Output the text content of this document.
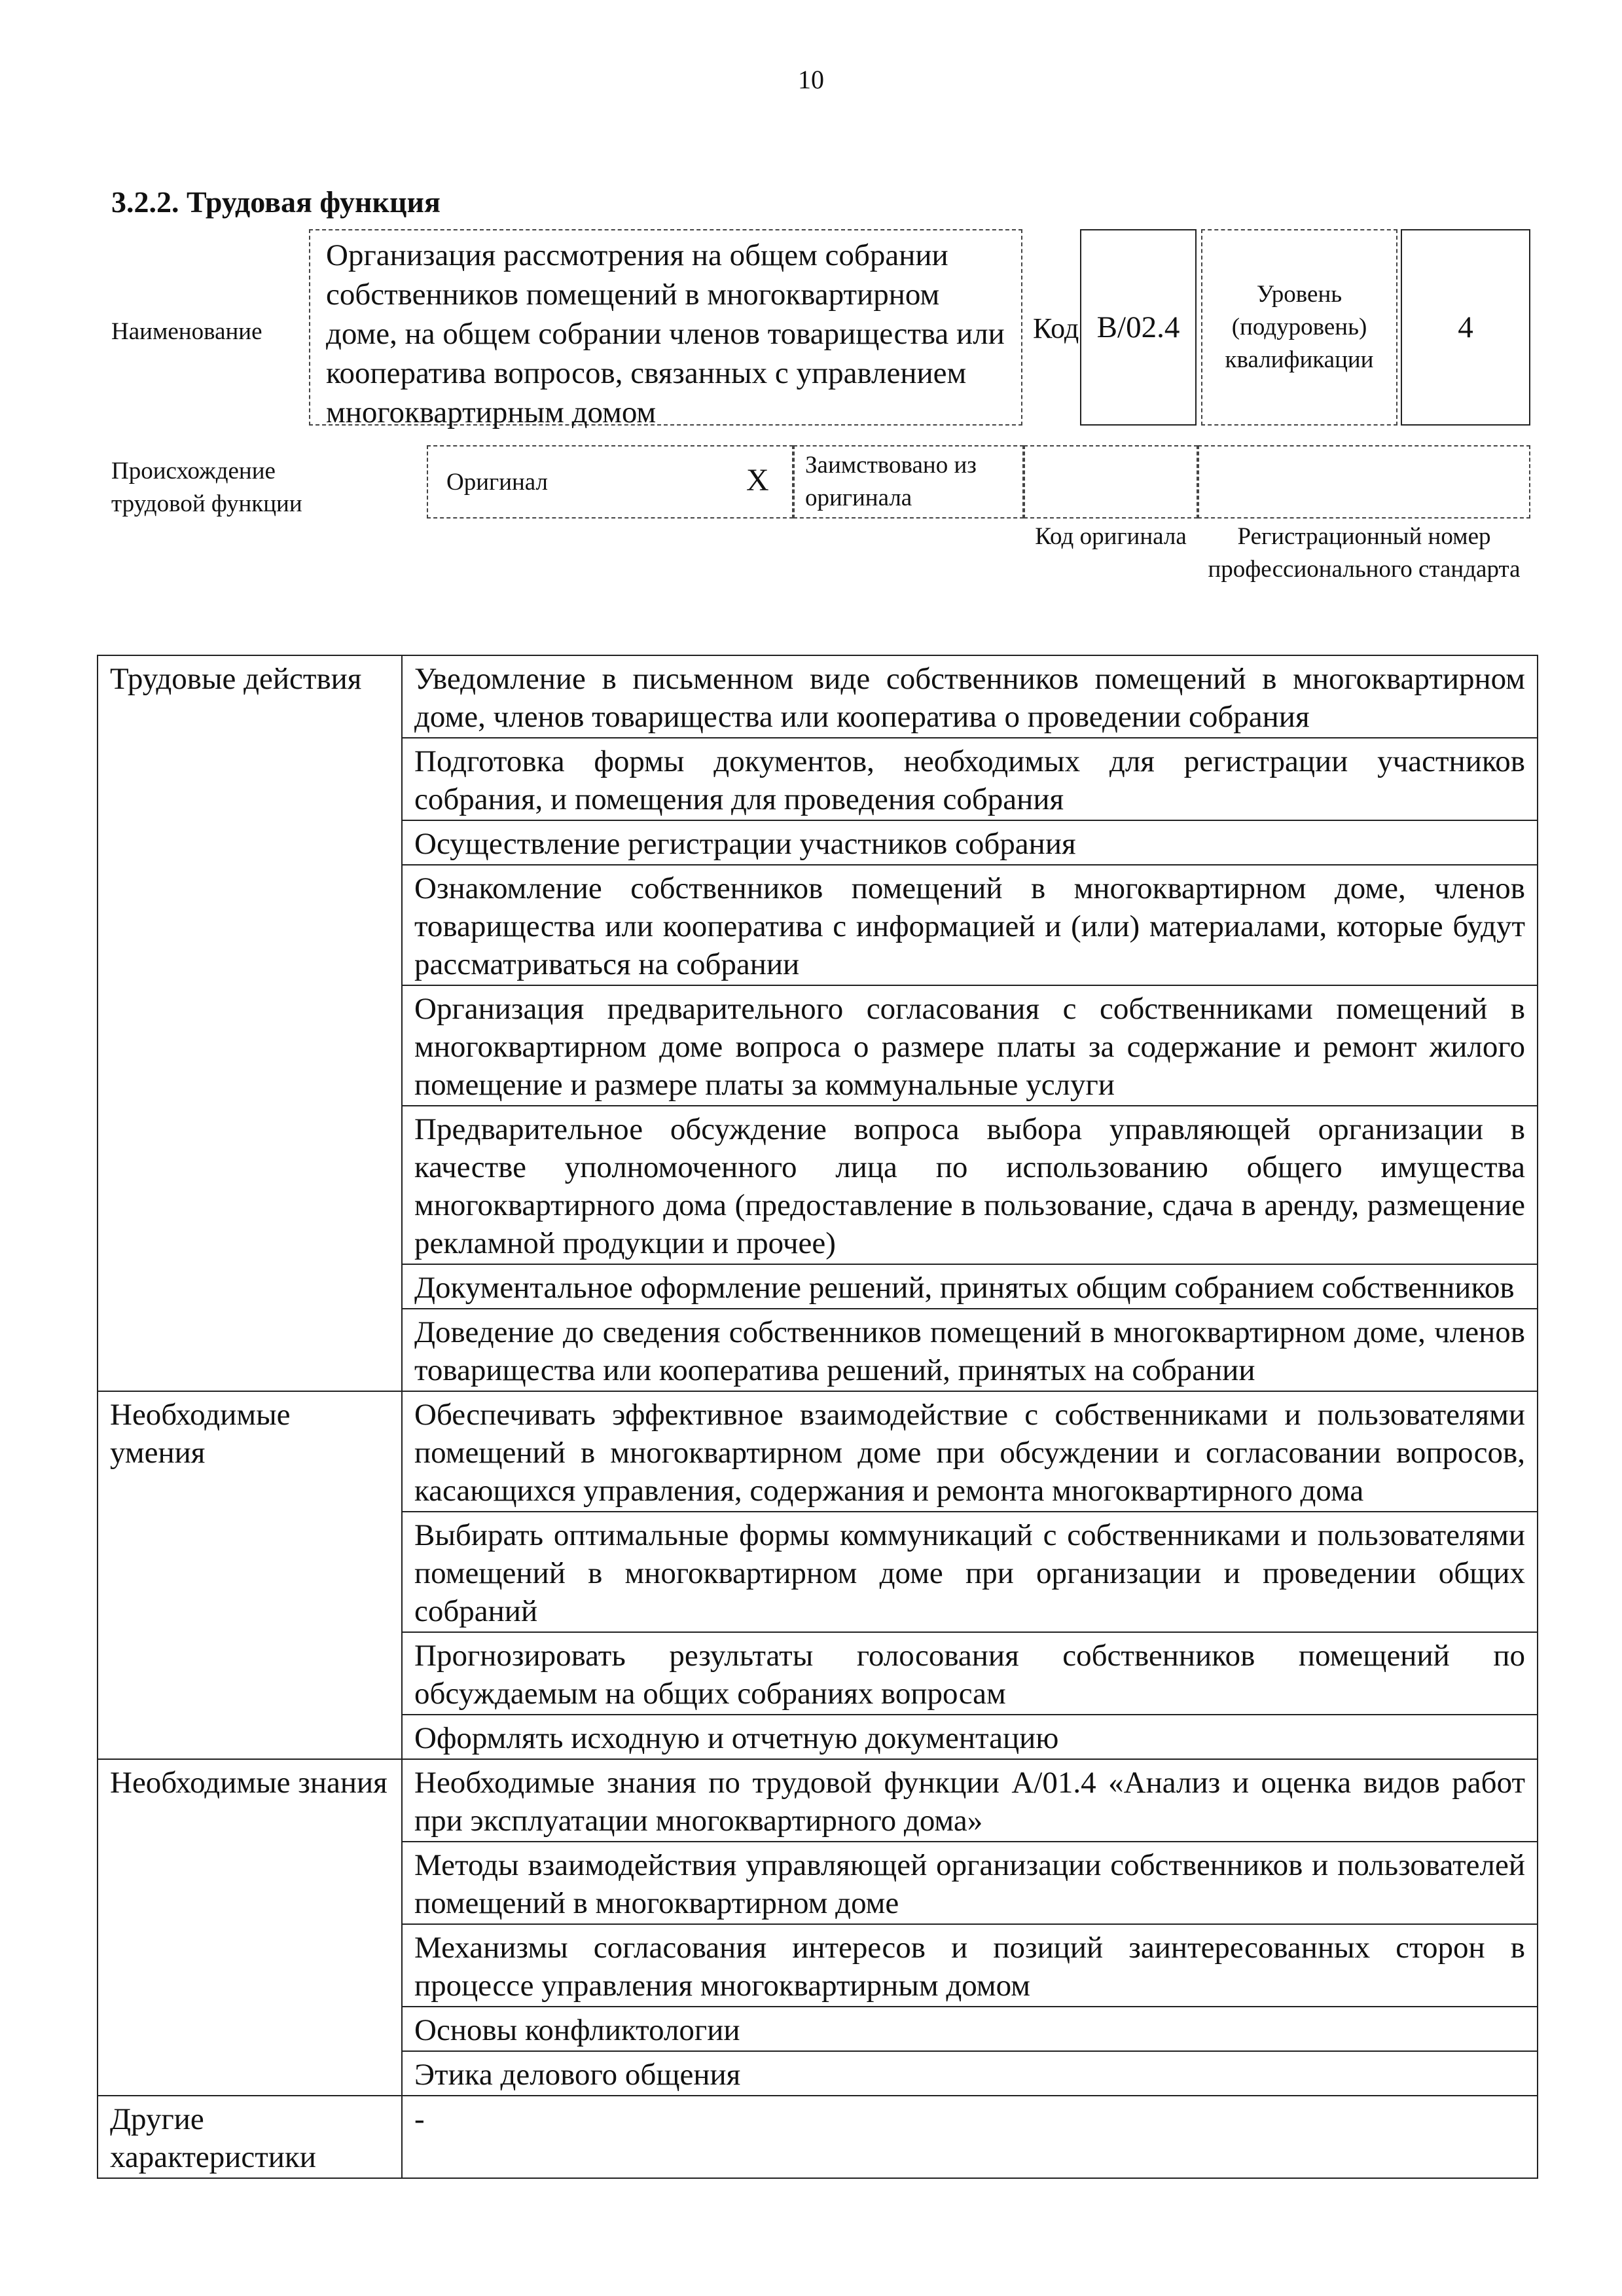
10
3.2.2. Трудовая функция
Наименование
Организация рассмотрения на общем собрании собственников помещений в многоквартирном доме, на общем собрании членов товарищества или кооператива вопросов, связанных с управлением многоквартирным домом
Код B/02.4
Уровень (подуровень) квалификации
4
Происхождение трудовой функции
Оригинал	X	Заимствовано из оригинала
Код оригинала	Регистрационный номер профессионального стандарта
Трудовые действия	Уведомление в письменном виде собственников помещений в многоквартирном доме, членов товарищества или кооператива о проведении собрания
	Подготовка формы документов, необходимых для регистрации участников собрания, и помещения для проведения собрания
	Осуществление регистрации участников собрания
	Ознакомление собственников помещений в многоквартирном доме, членов товарищества или кооператива с информацией и (или) материалами, которые будут рассматриваться на собрании
	Организация предварительного согласования с собственниками помещений в многоквартирном доме вопроса о размере платы за содержание и ремонт жилого помещение и размере платы за коммунальные услуги
	Предварительное обсуждение вопроса выбора управляющей организации в качестве уполномоченного лица по использованию общего имущества многоквартирного дома (предоставление в пользование, сдача в аренду, размещение рекламной продукции и прочее)
	Документальное оформление решений, принятых общим собранием собственников
	Доведение до сведения собственников помещений в многоквартирном доме, членов товарищества или кооператива решений, принятых на собрании
Необходимые умения	Обеспечивать эффективное взаимодействие с собственниками и пользователями помещений в многоквартирном доме при обсуждении и согласовании вопросов, касающихся управления, содержания и ремонта многоквартирного дома
	Выбирать оптимальные формы коммуникаций с собственниками и пользователями помещений в многоквартирном доме при организации и проведении общих собраний
	Прогнозировать результаты голосования собственников помещений по обсуждаемым на общих собраниях вопросам
	Оформлять исходную и отчетную документацию
Необходимые знания	Необходимые знания по трудовой функции A/01.4 «Анализ и оценка видов работ при эксплуатации многоквартирного дома»
	Методы взаимодействия управляющей организации собственников и пользователей помещений в многоквартирном доме
	Механизмы согласования интересов и позиций заинтересованных сторон в процессе управления многоквартирным домом
	Основы конфликтологии
	Этика делового общения
Другие характеристики	-
